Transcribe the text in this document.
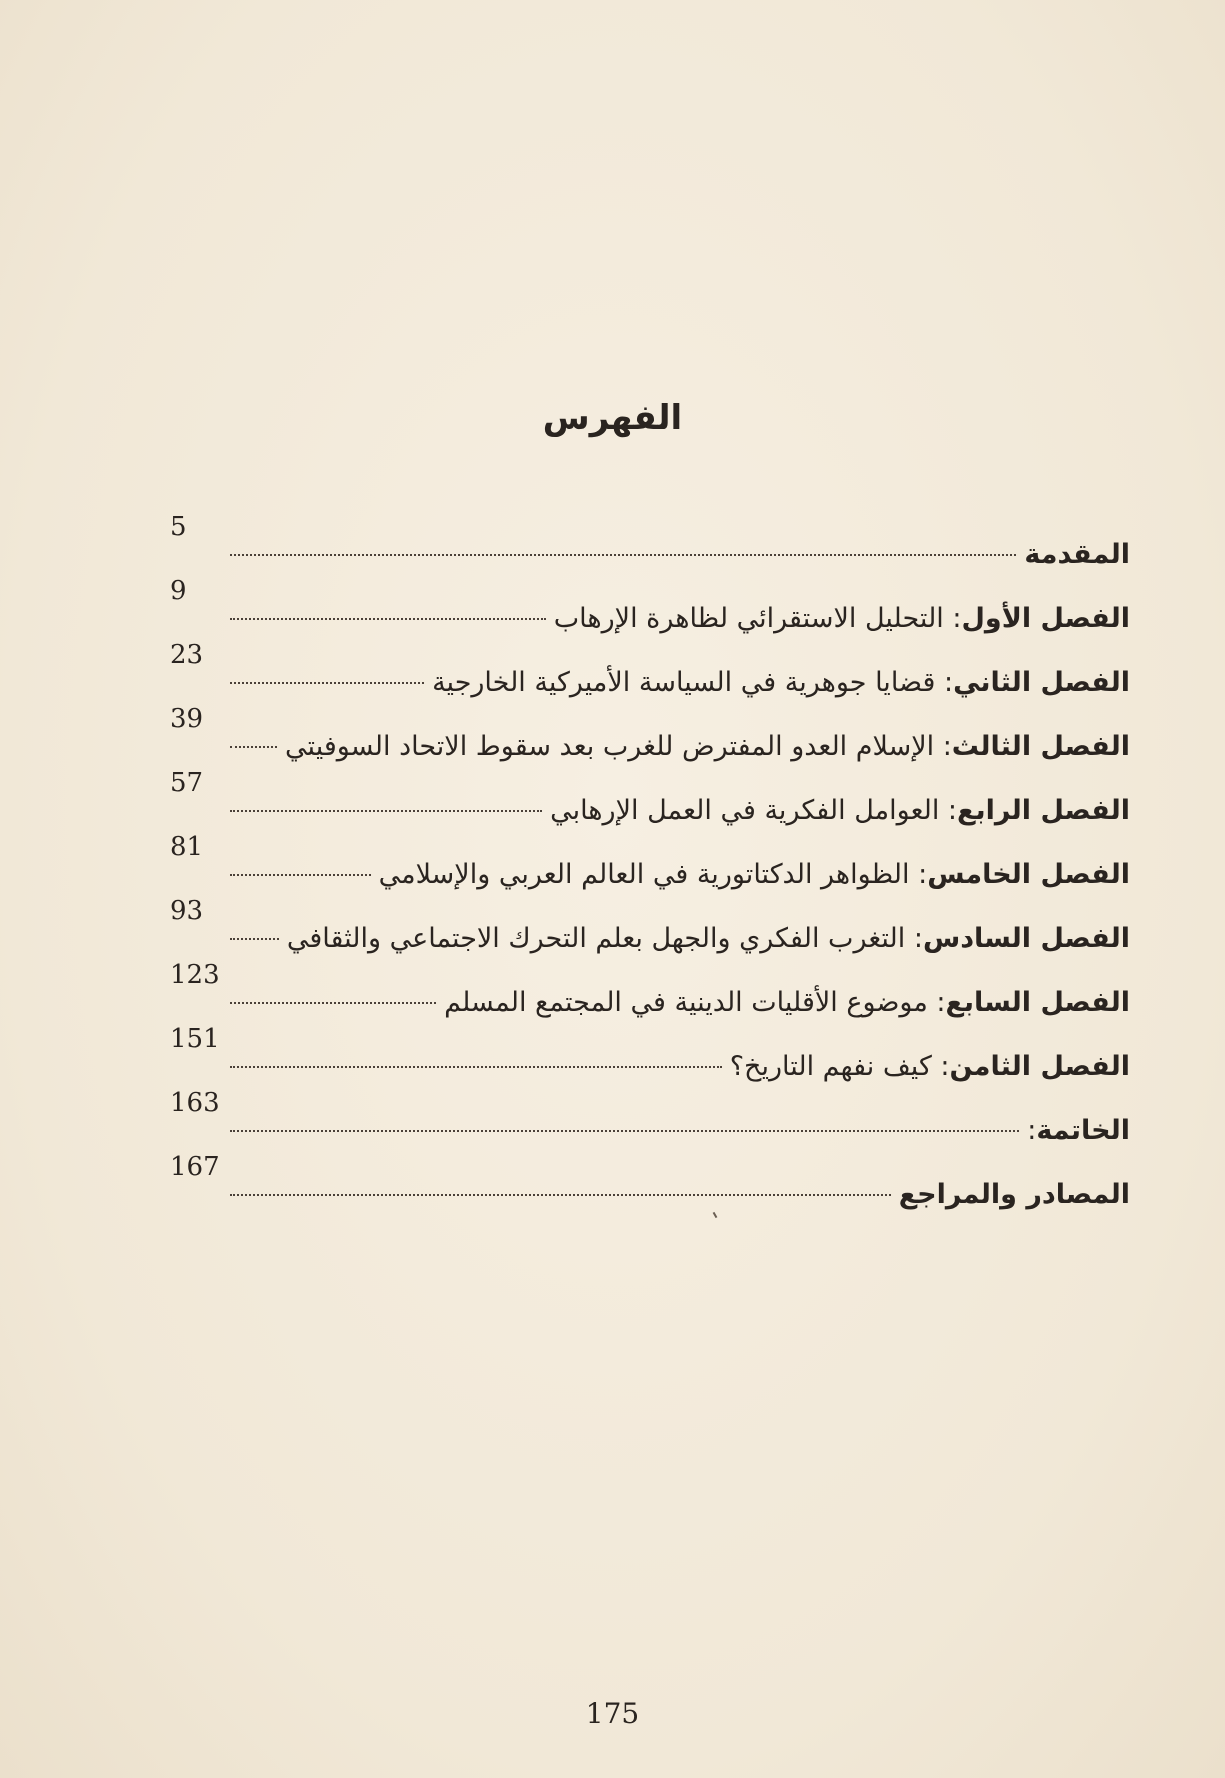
الفهرس
5
المقدمة
9
الفصل الأول: التحليل الاستقرائي لظاهرة الإرهاب
23
الفصل الثاني: قضايا جوهرية في السياسة الأميركية الخارجية
39
الفصل الثالث: الإسلام العدو المفترض للغرب بعد سقوط الاتحاد السوفيتي
57
الفصل الرابع: العوامل الفكرية في العمل الإرهابي
81
الفصل الخامس: الظواهر الدكتاتورية في العالم العربي والإسلامي
93
الفصل السادس: التغرب الفكري والجهل بعلم التحرك الاجتماعي والثقافي
123
الفصل السابع: موضوع الأقليات الدينية في المجتمع المسلم
151
الفصل الثامن: كيف نفهم التاريخ؟
163
الخاتمة:
167
المصادر والمراجع
175
